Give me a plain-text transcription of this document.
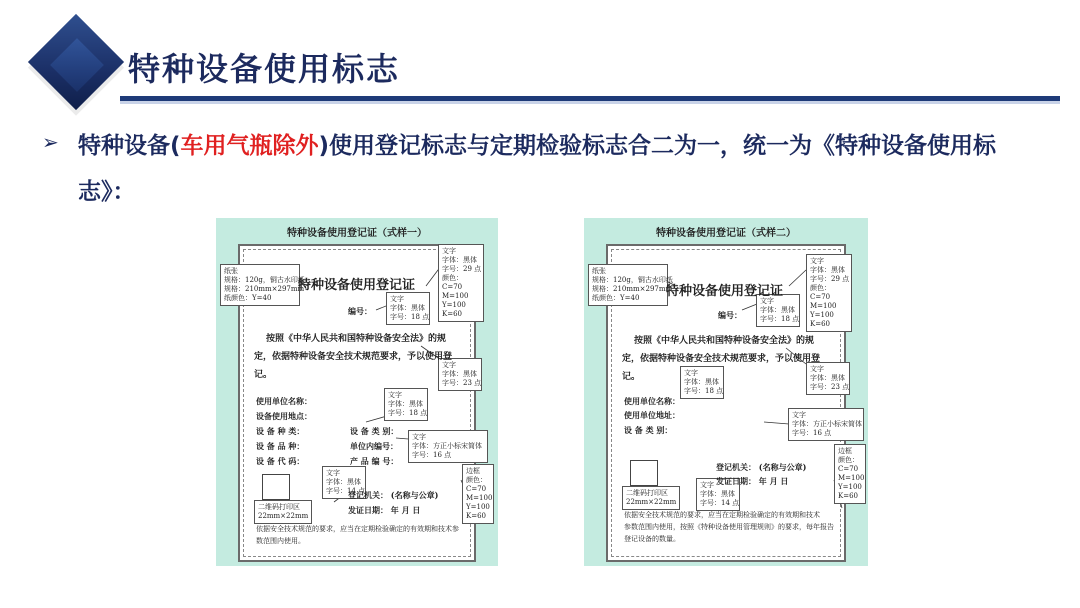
特种设备使用标志
➢ 特种设备(车用气瓶除外)使用登记标志与定期检验标志合二为一，统一为《特种设备使用标志》：
特种设备使用登记证（式样一）
纸张
规格：120g，铜古水印纸
规格：210mm×297mm
纸颜色：Y=40
文字
字体：黑体
字号：29 点
颜色：
C=70
M=100
Y=100
K=60
文字
字体：黑体
字号：18 点
文字
字体：黑体
字号：23 点
文字
字体：黑体
字号：18 点
文字
字体：方正小标宋简体
字号：16 点
文字
字体：黑体
字号：14 点
边框
颜色：
C=70
M=100
Y=100
K=60
特种设备使用登记证
编号：
按照《中华人民共和国特种设备安全法》的规
定，依据特种设备安全技术规范要求，予以使用登
记。
使用单位名称：
设备使用地点：
设 备 种 类：
设 备 品 种：
设 备 代 码：
设 备 类 别：
单位内编号：
产 品 编 号：
二维码打印区
22mm×22mm
登记机关： (名称与公章)
发证日期： 年 月 日
依据安全技术规范的要求，应当在定期检验确定的有效期和技术参
数范围内使用。
特种设备使用登记证（式样二）
纸张
规格：120g，铜古水印纸
规格：210mm×297mm
纸颜色：Y=40
文字
字体：黑体
字号：29 点
颜色：
C=70
M=100
Y=100
K=60
文字
字体：黑体
字号：18 点
文字
字体：黑体
字号：23 点
文字
字体：黑体
字号：18 点
文字
字体：方正小标宋简体
字号：16 点
文字
字体：黑体
字号：14 点
边框
颜色：
C=70
M=100
Y=100
K=60
特种设备使用登记证
编号：
按照《中华人民共和国特种设备安全法》的规
定，依据特种设备安全技术规范要求，予以使用登
记。
使用单位名称：
使用单位地址：
设 备 类 别：
二维码打印区
22mm×22mm
登记机关： (名称与公章)
发证日期： 年 月 日
依据安全技术规范的要求，应当在定期检验确定的有效期和技术
参数范围内使用，按照《特种设备使用管理规则》的要求，每年报告
登记设备的数量。
